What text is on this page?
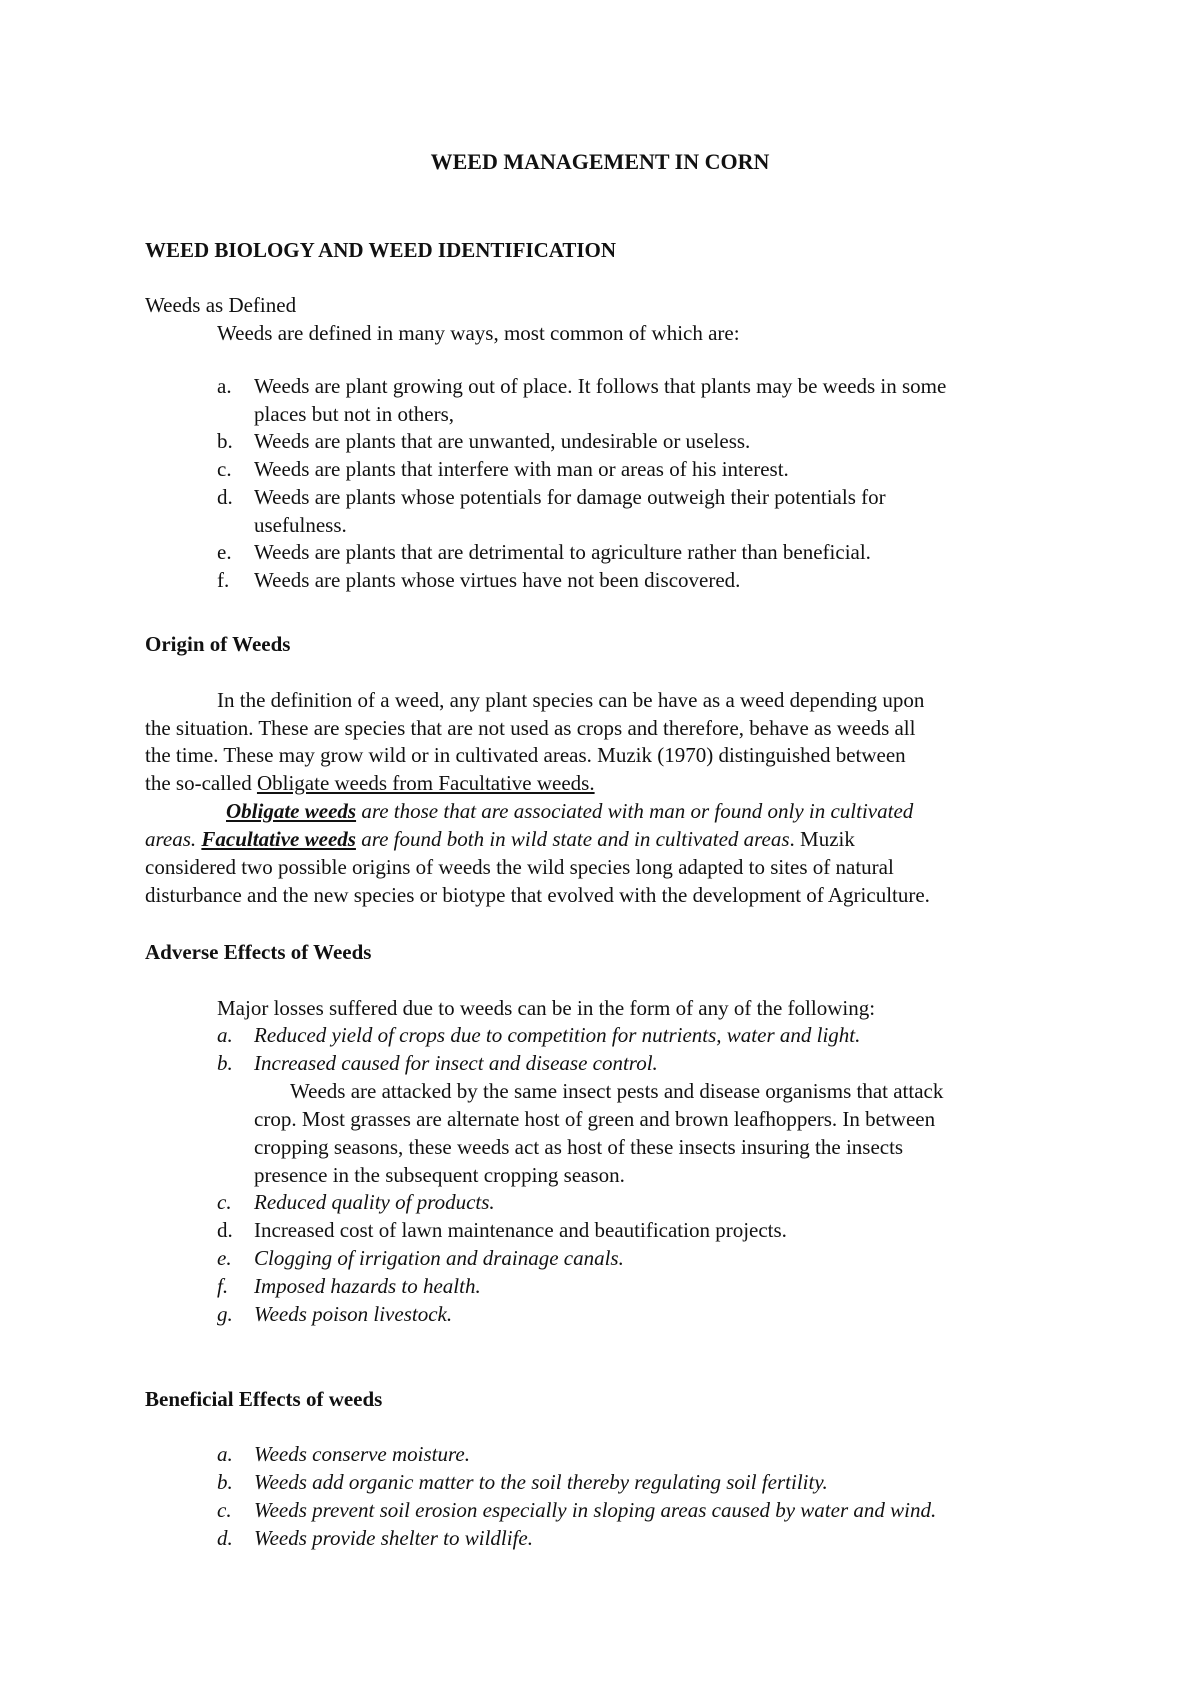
WEED MANAGEMENT IN CORN
WEED BIOLOGY AND WEED IDENTIFICATION
Weeds as Defined
Weeds are defined in many ways, most common of which are:
a. Weeds are plant growing out of place. It follows that plants may be weeds in some
places but not in others,
b. Weeds are plants that are unwanted, undesirable or useless.
c. Weeds are plants that interfere with man or areas of his interest.
d. Weeds are plants whose potentials for damage outweigh their potentials for
usefulness.
e. Weeds are plants that are detrimental to agriculture rather than beneficial.
f. Weeds are plants whose virtues have not been discovered.
Origin of Weeds
In the definition of a weed, any plant species can be have as a weed depending upon
the situation. These are species that are not used as crops and therefore, behave as weeds all
the time. These may grow wild or in cultivated areas. Muzik (1970) distinguished between
the so-called Obligate weeds from Facultative weeds.
Obligate weeds are those that are associated with man or found only in cultivated
areas. Facultative weeds are found both in wild state and in cultivated areas. Muzik
considered two possible origins of weeds the wild species long adapted to sites of natural
disturbance and the new species or biotype that evolved with the development of Agriculture.
Adverse Effects of Weeds
Major losses suffered due to weeds can be in the form of any of the following:
a. Reduced yield of crops due to competition for nutrients, water and light.
b. Increased caused for insect and disease control.
Weeds are attacked by the same insect pests and disease organisms that attack
crop. Most grasses are alternate host of green and brown leafhoppers. In between
cropping seasons, these weeds act as host of these insects insuring the insects
presence in the subsequent cropping season.
c. Reduced quality of products.
d. Increased cost of lawn maintenance and beautification projects.
e. Clogging of irrigation and drainage canals.
f. Imposed hazards to health.
g. Weeds poison livestock.
Beneficial Effects of weeds
a. Weeds conserve moisture.
b. Weeds add organic matter to the soil thereby regulating soil fertility.
c. Weeds prevent soil erosion especially in sloping areas caused by water and wind.
d. Weeds provide shelter to wildlife.
